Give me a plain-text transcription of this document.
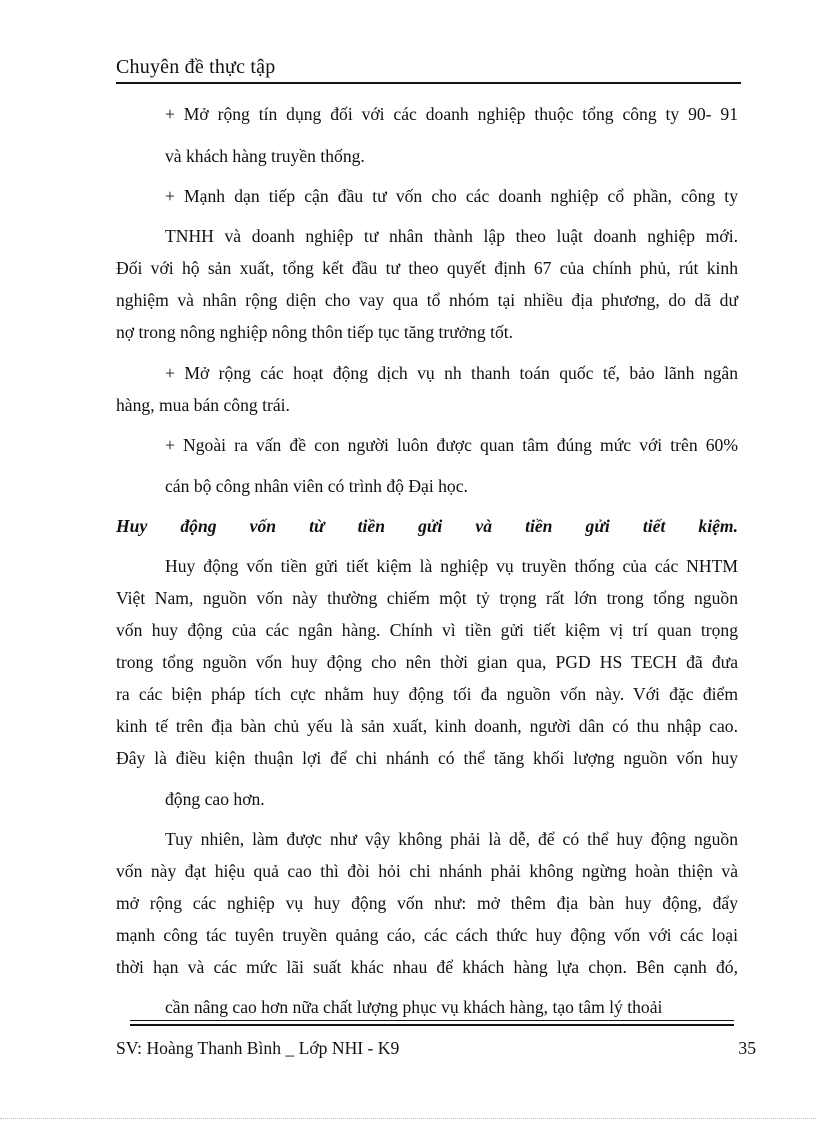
Chuyên đề thực tập
+ Mở rộng tín dụng đối với các doanh nghiệp thuộc tổng công ty 90- 91
và khách hàng truyền thống.
+ Mạnh dạn tiếp cận đầu tư vốn cho các doanh nghiệp cổ phần, công ty
TNHH và doanh nghiệp tư nhân thành lập theo luật doanh nghiệp mới.
Đối với hộ sản xuất, tổng kết đầu tư theo quyết định 67 của chính phủ, rút kinh
nghiệm và nhân rộng diện cho vay qua tổ nhóm tại nhiều địa phương, do dã dư
nợ trong nông nghiệp nông thôn tiếp tục tăng trưởng tốt.
+ Mở rộng các hoạt động dịch vụ nh thanh toán quốc tế, bảo lãnh ngân
hàng, mua bán công trái.
+ Ngoài ra vấn đề con người luôn được quan tâm đúng mức với trên 60%
cán bộ công nhân viên có trình độ Đại học.
Huy động vốn từ tiền gửi và tiền gửi tiết kiệm.
Huy động vốn tiền gửi tiết kiệm là nghiệp vụ truyền thống của các NHTM
Việt Nam, nguồn vốn này thường chiếm một tỷ trọng rất lớn trong tổng nguồn
vốn huy động của các ngân hàng. Chính vì tiền gửi tiết kiệm vị trí quan trọng
trong tổng nguồn vốn huy động cho nên thời gian qua, PGD HS TECH đã đưa
ra các biện pháp tích cực nhằm huy động tối đa nguồn vốn này. Với đặc điểm
kinh tế trên địa bàn chủ yếu là sản xuất, kinh doanh, người dân có thu nhập cao.
Đây là điều kiện thuận lợi để chi nhánh có thể tăng khối lượng nguồn vốn huy
động cao hơn.
Tuy nhiên, làm được như vậy không phải là dễ, để có thể huy động nguồn
vốn này đạt hiệu quả cao thì đòi hỏi chi nhánh phải không ngừng hoàn thiện và
mở rộng các nghiệp vụ huy động vốn như: mở thêm địa bàn huy động, đẩy
mạnh công tác tuyên truyền quảng cáo, các cách thức huy động vốn với các loại
thời hạn và các mức lãi suất khác nhau để khách hàng lựa chọn. Bên cạnh đó,
cần nâng cao hơn nữa chất lượng phục vụ khách hàng, tạo tâm lý thoải
SV: Hoàng Thanh Bình _ Lớp NHI - K9	35
